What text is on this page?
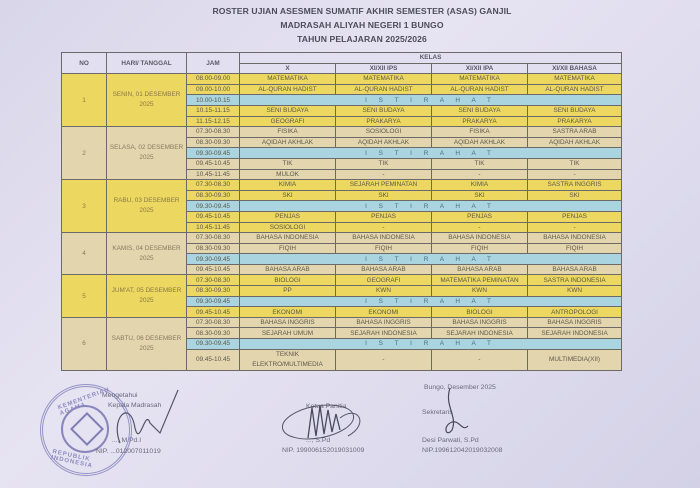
ROSTER UJIAN ASESMEN SUMATIF AKHIR SEMESTER (ASAS) GANJIL
MADRASAH ALIYAH NEGERI 1 BUNGO
TAHUN PELAJARAN 2025/2026
NO	HARI/ TANGGAL	JAM	KELAS			
			X	XI/XII IPS	XI/XII IPA	XI/XII BAHASA
1	SENIN, 01 DESEMBER 2025	08.00-09.00	MATEMATIKA	MATEMATIKA	MATEMATIKA	MATEMATIKA
		09.00-10.00	AL-QURAN HADIST	AL-QURAN HADIST	AL-QURAN HADIST	AL-QURAN HADIST
		10.00-10.15	I S T I R A H A T			
		10.15-11.15	SENI BUDAYA	SENI BUDAYA	SENI BUDAYA	SENI BUDAYA
		11.15-12.15	GEOGRAFI	PRAKARYA	PRAKARYA	PRAKARYA
2	SELASA, 02 DESEMBER 2025	07.30-08.30	FISIKA	SOSIOLOGI	FISIKA	SASTRA ARAB
		08.30-09.30	AQIDAH AKHLAK	AQIDAH AKHLAK	AQIDAH AKHLAK	AQIDAH AKHLAK
		09.30-09.45	I S T I R A H A T			
		09.45-10.45	TIK	TIK	TIK	TIK
		10.45-11.45	MULOK	-	-	-
3	RABU, 03 DESEMBER 2025	07.30-08.30	KIMIA	SEJARAH PEMINATAN	KIMIA	SASTRA INGGRIS
		08.30-09.30	SKI	SKI	SKI	SKI
		09.30-09.45	I S T I R A H A T			
		09.45-10.45	PENJAS	PENJAS	PENJAS	PENJAS
		10.45-11.45	SOSIOLOGI	-	-	-
4	KAMIS, 04 DESEMBER 2025	07.30-08.30	BAHASA INDONESIA	BAHASA INDONESIA	BAHASA INDONESIA	BAHASA INDONESIA
		08.30-09.30	FIQIH	FIQIH	FIQIH	FIQIH
		09.30-09.45	I S T I R A H A T			
		09.45-10.45	BAHASA ARAB	BAHASA ARAB	BAHASA ARAB	BAHASA ARAB
5	JUM'AT, 05 DESEMBER 2025	07.30-08.30	BIOLOGI	GEOGRAFI	MATEMATIKA PEMINATAN	SASTRA INDONESIA
		08.30-09.30	PP	KWN	KWN	KWN
		09.30-09.45	I S T I R A H A T			
		09.45-10.45	EKONOMI	EKONOMI	BIOLOGI	ANTROPOLOGI
6	SABTU, 06 DESEMBER 2025	07.30-08.30	BAHASA INGGRIS	BAHASA INGGRIS	BAHASA INGGRIS	BAHASA INGGRIS
		08.30-09.30	SEJARAH UMUM	SEJARAH INDONESIA	SEJARAH INDONESIA	SEJARAH INDONESIA
		09.30-09.45	I S T I R A H A T			
		09.45-10.45	TEKNIK ELEKTRO/MULTIMEDIA	-	-	MULTIMEDIA(XII)
KEMENTERIAN AGAMA
REPUBLIK INDONESIA
Mengetahui
Kepala Madrasah
..., M.Pd.I
NIP. ...012007011019
Ketua Panitia
..., S.Pd
NIP. 199006152019031009
Bungo, Desember 2025
Sekretaris
Desi Parwati, S.Pd
NIP.199612042019032008
